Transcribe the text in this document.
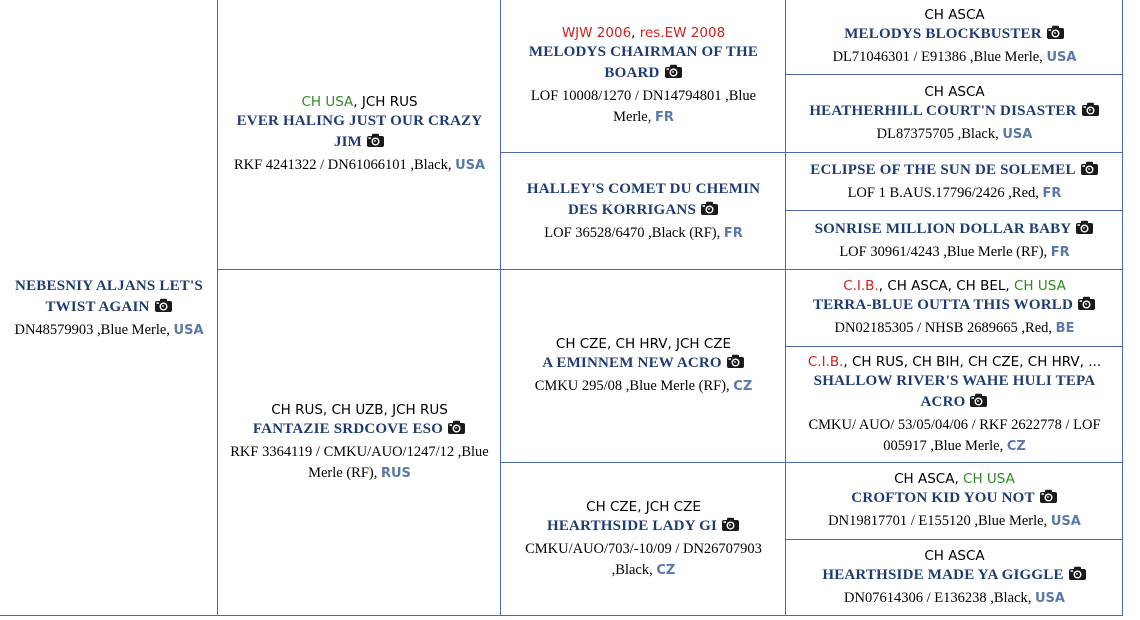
NEBESNIY ALJANS LET'S TWIST AGAIN
DN48579903 ,Blue Merle, USA
CH USA, JCH RUS
EVER HALING JUST OUR CRAZY JIM
RKF 4241322 / DN61066101 ,Black, USA
CH RUS, CH UZB, JCH RUS
FANTAZIE SRDCOVE ESO
RKF 3364119 / CMKU/AUO/1247/12 ,Blue Merle (RF), RUS
WJW 2006, res.EW 2008
MELODYS CHAIRMAN OF THE BOARD
LOF 10008/1270 / DN14794801 ,Blue Merle, FR
HALLEY'S COMET DU CHEMIN DES KORRIGANS
LOF 36528/6470 ,Black (RF), FR
CH CZE, CH HRV, JCH CZE
A EMINNEM NEW ACRO
CMKU 295/08 ,Blue Merle (RF), CZ
CH CZE, JCH CZE
HEARTHSIDE LADY GI
CMKU/AUO/703/-10/09 / DN26707903 ,Black, CZ
CH ASCA
MELODYS BLOCKBUSTER
DL71046301 / E91386 ,Blue Merle, USA
CH ASCA
HEATHERHILL COURT'N DISASTER
DL87375705 ,Black, USA
ECLIPSE OF THE SUN DE SOLEMEL
LOF 1 B.AUS.17796/2426 ,Red, FR
SONRISE MILLION DOLLAR BABY
LOF 30961/4243 ,Blue Merle (RF), FR
C.I.B., CH ASCA, CH BEL, CH USA
TERRA-BLUE OUTTA THIS WORLD
DN02185305 / NHSB 2689665 ,Red, BE
C.I.B., CH RUS, CH BIH, CH CZE, CH HRV, ...
SHALLOW RIVER'S WAHE HULI TEPA ACRO
CMKU/ AUO/ 53/05/04/06 / RKF 2622778 / LOF 005917 ,Blue Merle, CZ
CH ASCA, CH USA
CROFTON KID YOU NOT
DN19817701 / E155120 ,Blue Merle, USA
CH ASCA
HEARTHSIDE MADE YA GIGGLE
DN07614306 / E136238 ,Black, USA
